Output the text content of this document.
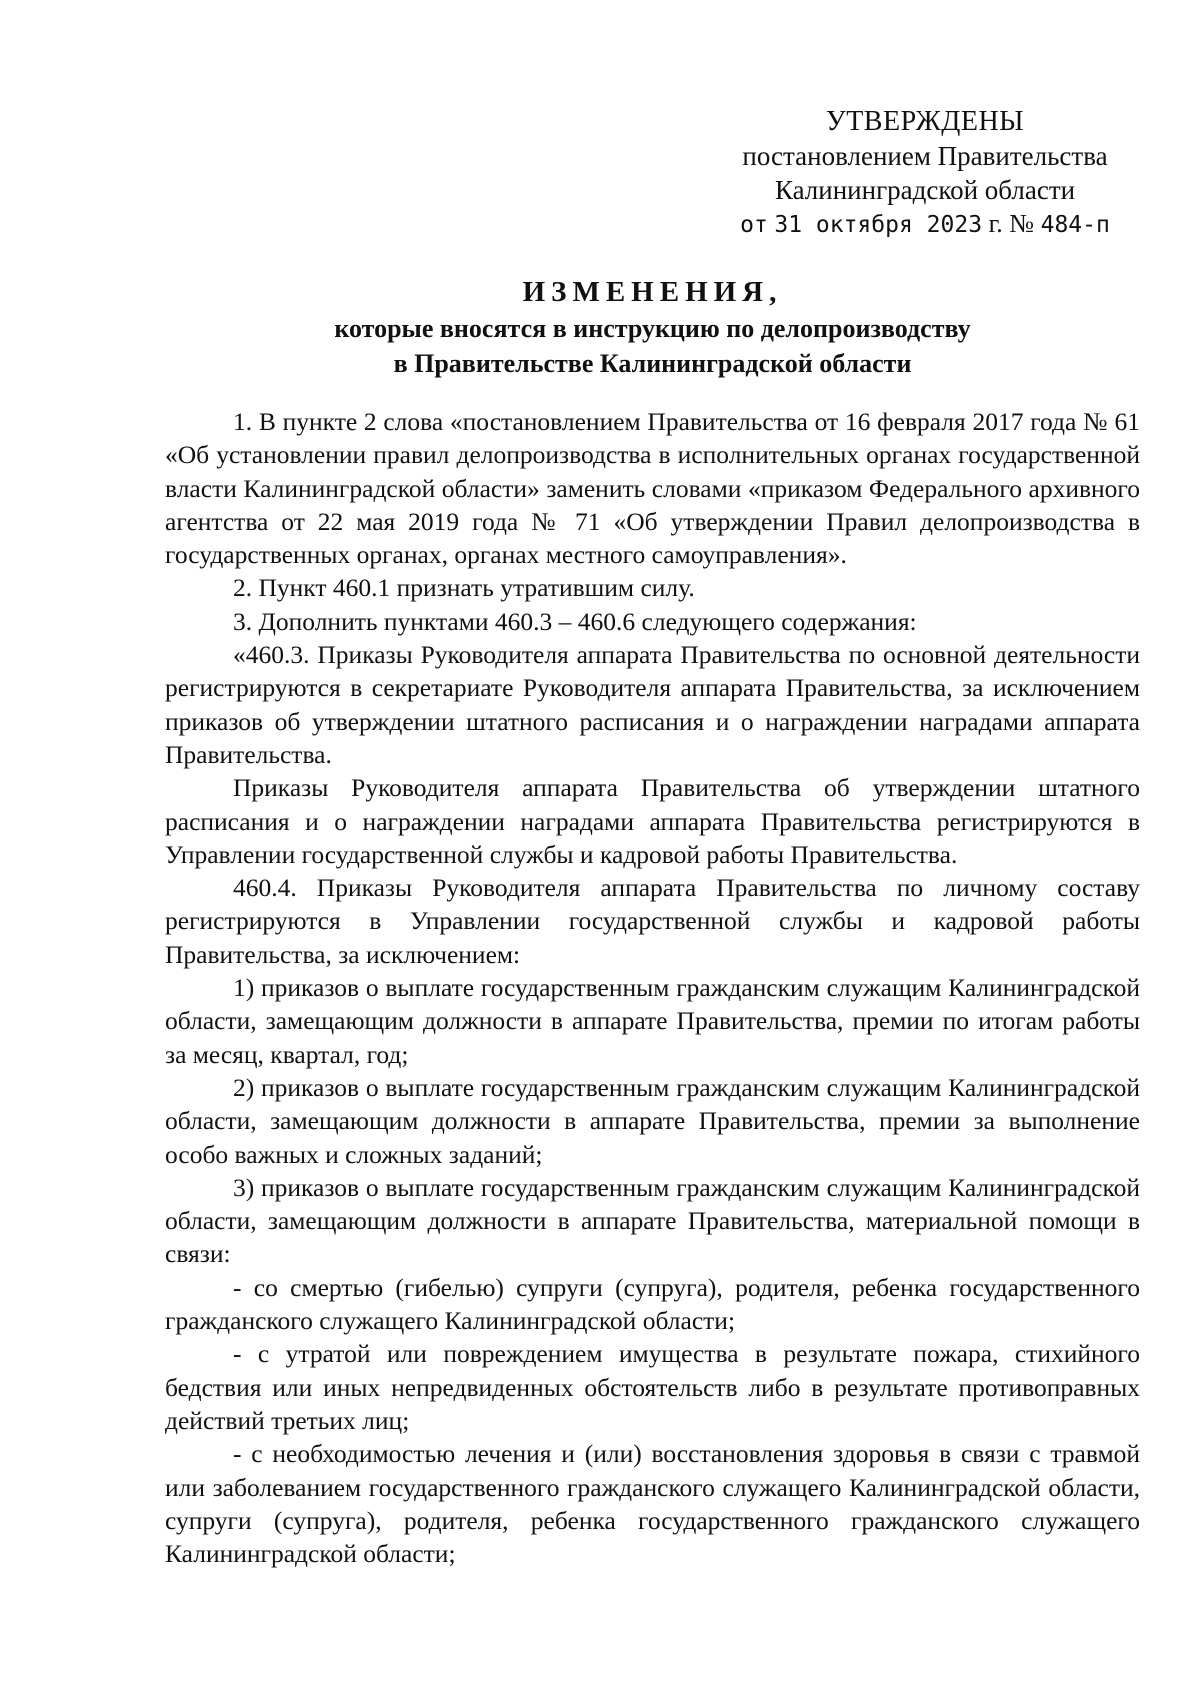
УТВЕРЖДЕНЫ
постановлением Правительства
Калининградской области
от 31 октября 2023 г. № 484-п
ИЗМЕНЕНИЯ,
которые вносятся в инструкцию по делопроизводству
в Правительстве Калининградской области

1. В пункте 2 слова «постановлением Правительства от 16 февраля 2017 года № 61 «Об установлении правил делопроизводства в исполнительных органах государственной власти Калининградской области» заменить словами «приказом Федерального архивного агентства от 22 мая 2019 года № 71 «Об утверждении Правил делопроизводства в государственных органах, органах местного самоуправления».

2. Пункт 460.1 признать утратившим силу.

3. Дополнить пунктами 460.3 – 460.6 следующего содержания:

«460.3. Приказы Руководителя аппарата Правительства по основной деятельности регистрируются в секретариате Руководителя аппарата Правительства, за исключением приказов об утверждении штатного расписания и о награждении наградами аппарата Правительства.

Приказы Руководителя аппарата Правительства об утверждении штатного расписания и о награждении наградами аппарата Правительства регистрируются в Управлении государственной службы и кадровой работы Правительства.

460.4. Приказы Руководителя аппарата Правительства по личному составу регистрируются в Управлении государственной службы и кадровой работы Правительства, за исключением:

1) приказов о выплате государственным гражданским служащим Калининградской области, замещающим должности в аппарате Правительства, премии по итогам работы за месяц, квартал, год;

2) приказов о выплате государственным гражданским служащим Калининградской области, замещающим должности в аппарате Правительства, премии за выполнение особо важных и сложных заданий;

3) приказов о выплате государственным гражданским служащим Калининградской области, замещающим должности в аппарате Правительства, материальной помощи в связи:

- со смертью (гибелью) супруги (супруга), родителя, ребенка государственного гражданского служащего Калининградской области;

- с утратой или повреждением имущества в результате пожара, стихийного бедствия или иных непредвиденных обстоятельств либо в результате противоправных действий третьих лиц;

- с необходимостью лечения и (или) восстановления здоровья в связи с травмой или заболеванием государственного гражданского служащего Калининградской области, супруги (супруга), родителя, ребенка государственного гражданского служащего Калининградской области;
